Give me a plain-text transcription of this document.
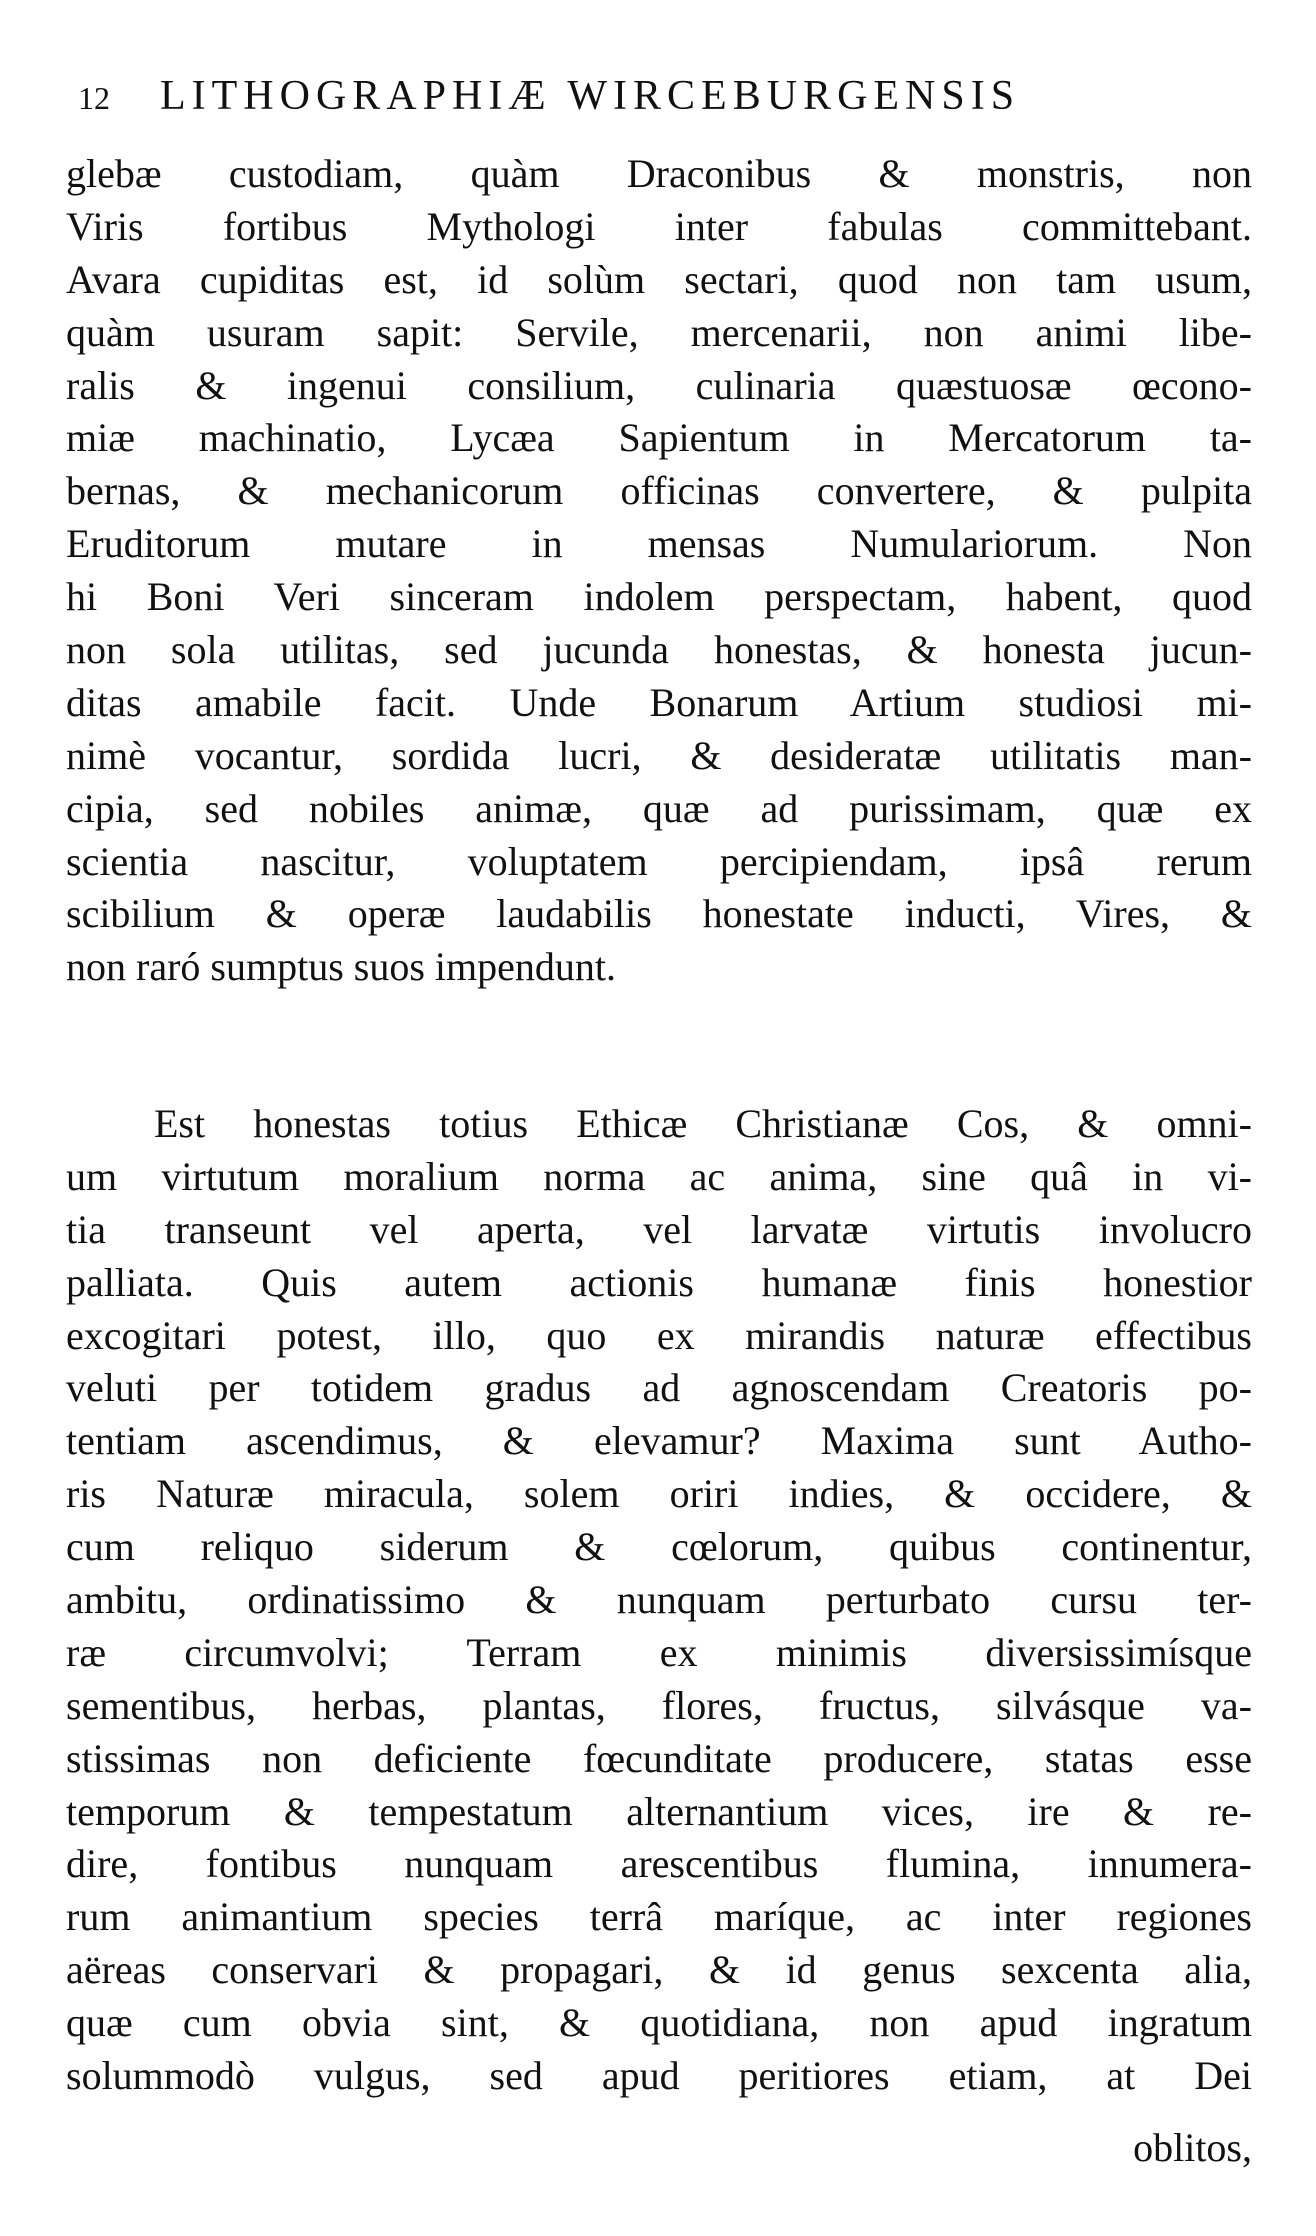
12 LITHOGRAPHIÆ WIRCEBURGENSIS
glebæ custodiam, quàm Draconibus & monstris, non
Viris fortibus Mythologi inter fabulas committebant.
Avara cupiditas est, id solùm sectari, quod non tam usum,
quàm usuram sapit: Servile, mercenarii, non animi libe-
ralis & ingenui consilium, culinaria quæstuosæ œcono-
miæ machinatio, Lycæa Sapientum in Mercatorum ta-
bernas, & mechanicorum officinas convertere, & pulpita
Eruditorum mutare in mensas Numulariorum. Non
hi Boni Veri sinceram indolem perspectam, habent, quod
non sola utilitas, sed jucunda honestas, & honesta jucun-
ditas amabile facit. Unde Bonarum Artium studiosi mi-
nimè vocantur, sordida lucri, & desideratæ utilitatis man-
cipia, sed nobiles animæ, quæ ad purissimam, quæ ex
scientia nascitur, voluptatem percipiendam, ipsâ rerum
scibilium & operæ laudabilis honestate inducti, Vires, &
non raró sumptus suos impendunt.
Est honestas totius Ethicæ Christianæ Cos, & omni-
um virtutum moralium norma ac anima, sine quâ in vi-
tia transeunt vel aperta, vel larvatæ virtutis involucro
palliata. Quis autem actionis humanæ finis honestior
excogitari potest, illo, quo ex mirandis naturæ effectibus
veluti per totidem gradus ad agnoscendam Creatoris po-
tentiam ascendimus, & elevamur? Maxima sunt Autho-
ris Naturæ miracula, solem oriri indies, & occidere, &
cum reliquo siderum & cœlorum, quibus continentur,
ambitu, ordinatissimo & nunquam perturbato cursu ter-
ræ circumvolvi; Terram ex minimis diversissimísque
sementibus, herbas, plantas, flores, fructus, silvásque va-
stissimas non deficiente fœcunditate producere, statas esse
temporum & tempestatum alternantium vices, ire & re-
dire, fontibus nunquam arescentibus flumina, innumera-
rum animantium species terrâ maríque, ac inter regiones
aëreas conservari & propagari, & id genus sexcenta alia,
quæ cum obvia sint, & quotidiana, non apud ingratum
solummodò vulgus, sed apud peritiores etiam, at Dei
oblitos,
